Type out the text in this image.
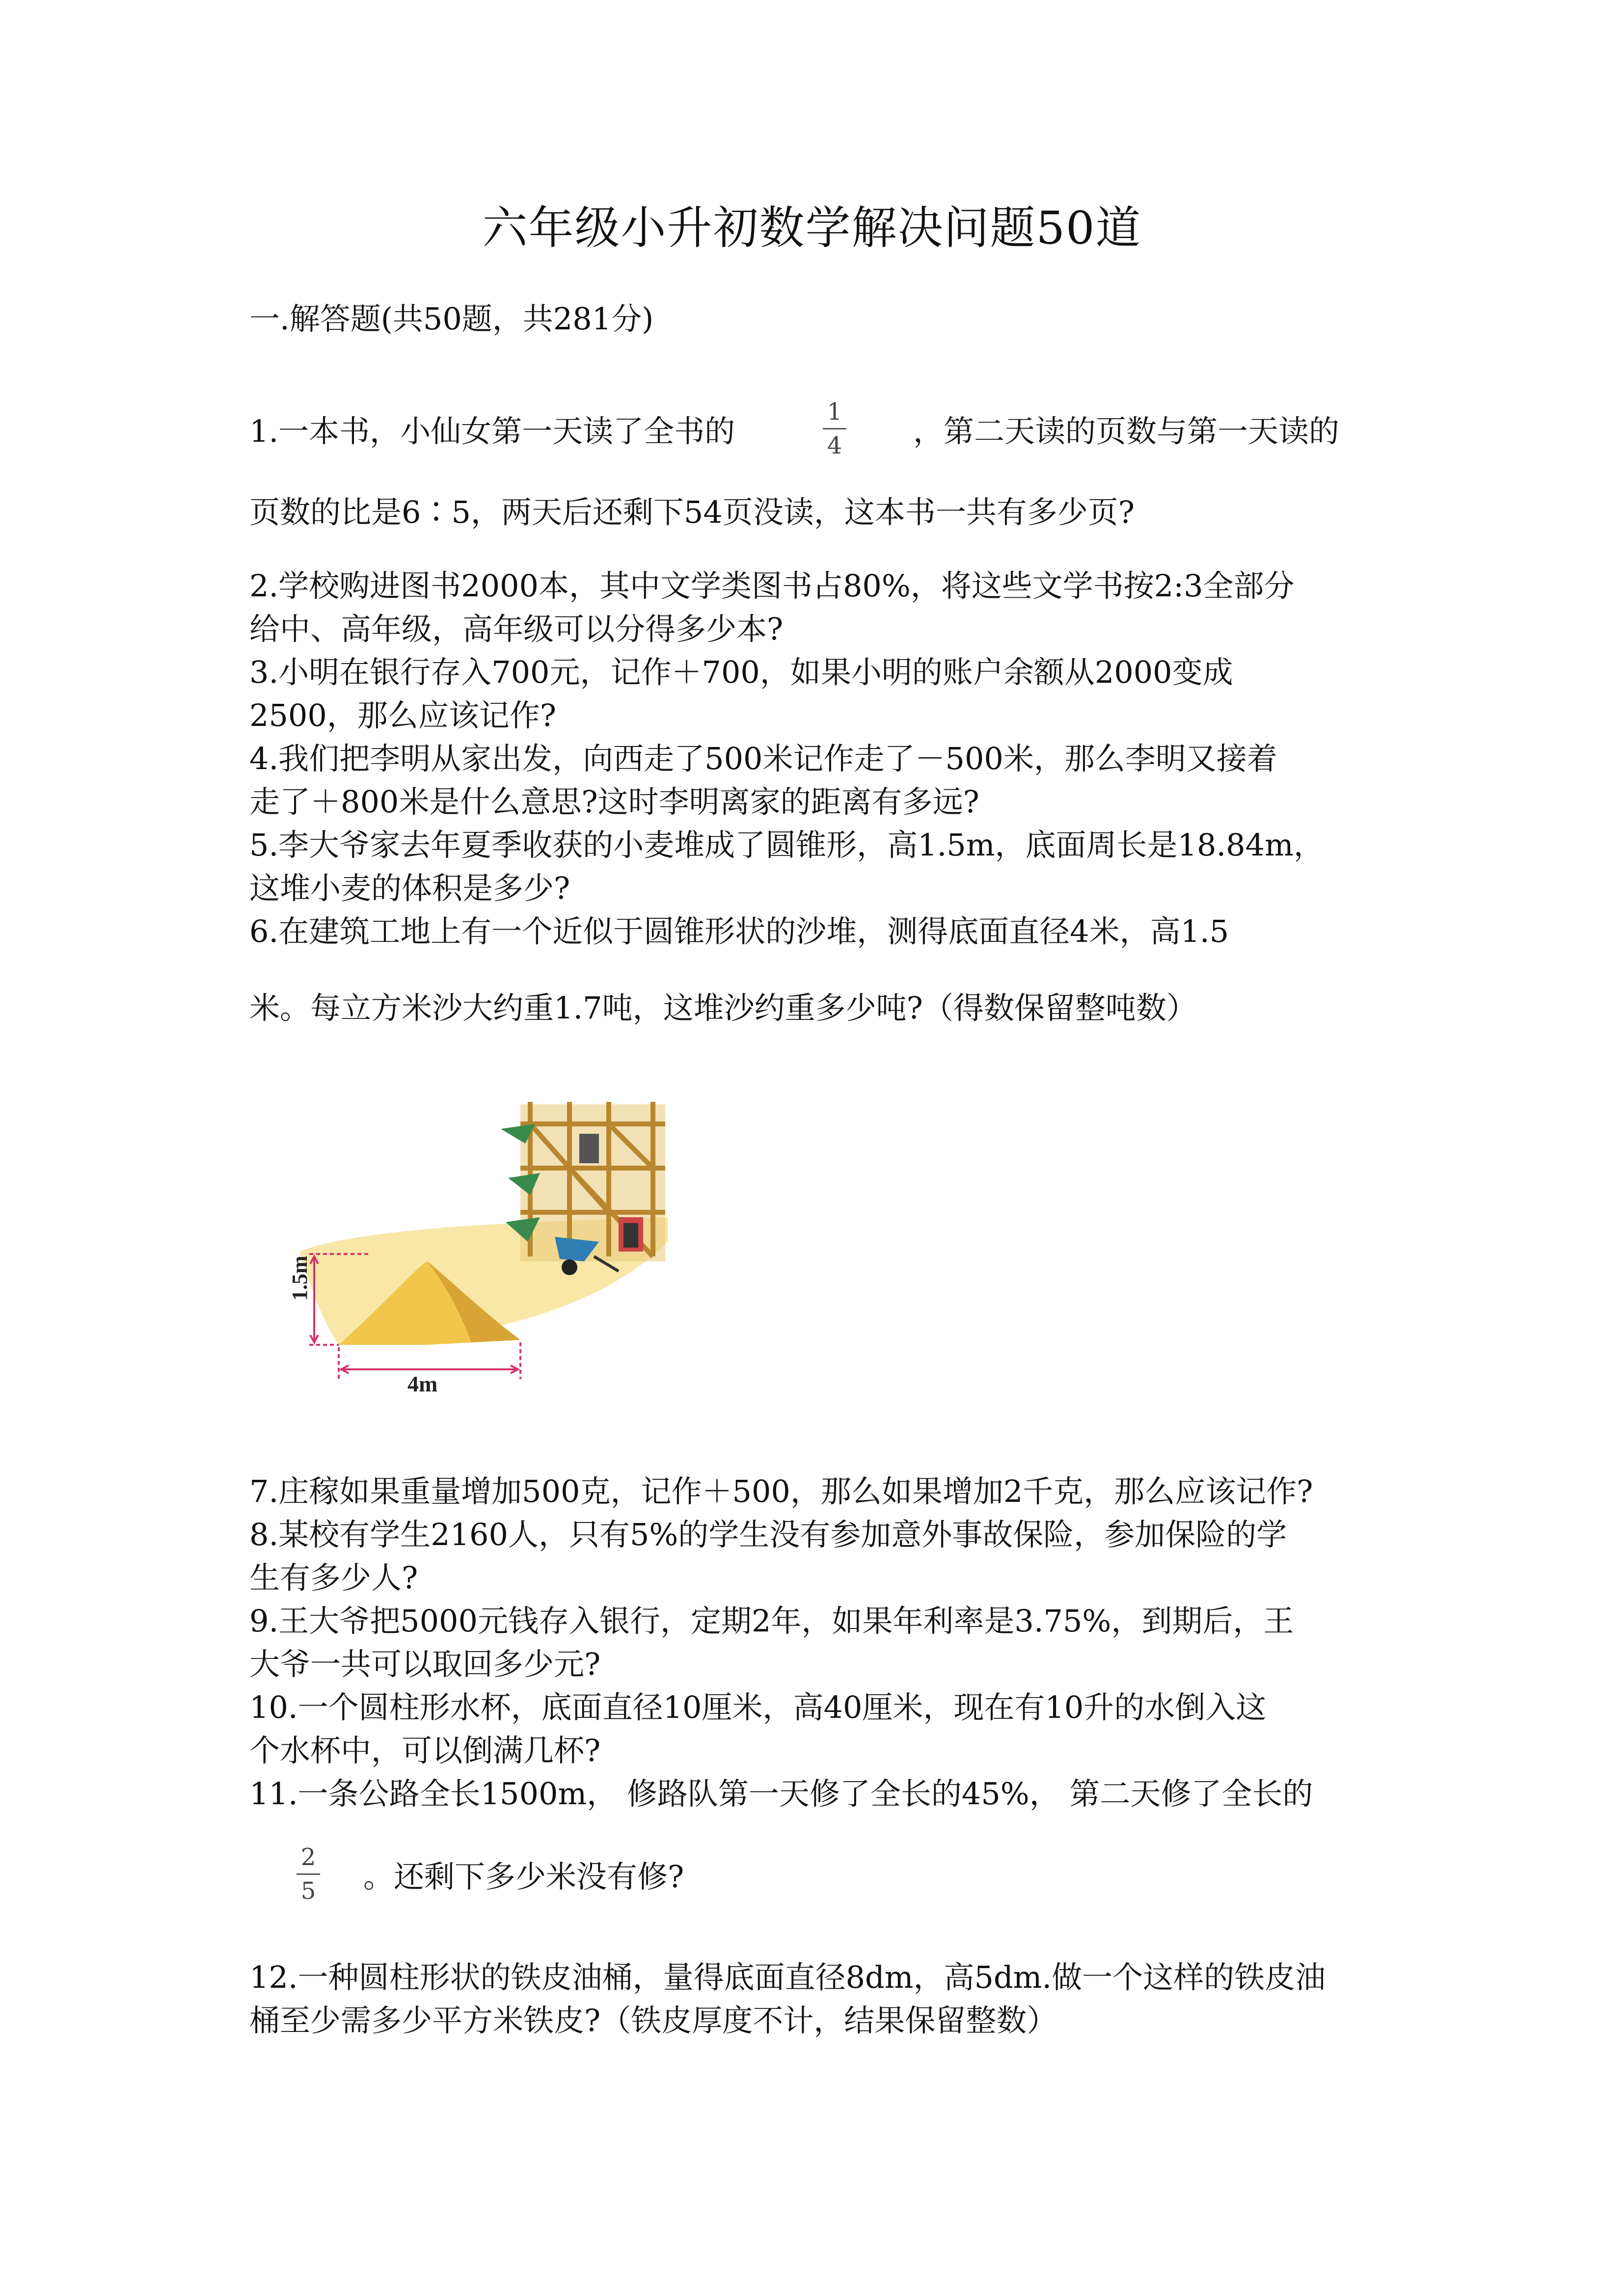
六年级小升初数学解决问题50道
一.解答题(共50题，共281分)
1.一本书，小仙女第一天读了全书的
1
4 ，第二天读的页数与第一天读的
页数的比是6∶5，两天后还剩下54页没读，这本书一共有多少页?
2.学校购进图书2000本，其中文学类图书占80%，将这些文学书按2:3全部分
给中、高年级，高年级可以分得多少本?
3.小明在银行存入700元，记作＋700，如果小明的账户余额从2000变成
2500，那么应该记作?
4.我们把李明从家出发，向西走了500米记作走了－500米，那么李明又接着
走了＋800米是什么意思?这时李明离家的距离有多远?
5.李大爷家去年夏季收获的小麦堆成了圆锥形，高1.5m，底面周长是18.84m，
这堆小麦的体积是多少?
6.在建筑工地上有一个近似于圆锥形状的沙堆，测得底面直径4米，高1.5
米。每立方米沙大约重1.7吨，这堆沙约重多少吨?（得数保留整吨数）
1.5m
4m
7.庄稼如果重量增加500克，记作＋500，那么如果增加2千克，那么应该记作?
8.某校有学生2160人，只有5%的学生没有参加意外事故保险，参加保险的学
生有多少人?
9.王大爷把5000元钱存入银行，定期2年，如果年利率是3.75%，到期后，王
大爷一共可以取回多少元?
10.一个圆柱形水杯，底面直径10厘米，高40厘米，现在有10升的水倒入这
个水杯中，可以倒满几杯?
11.一条公路全长1500m， 修路队第一天修了全长的45%， 第二天修了全长的
2
5 。还剩下多少米没有修?
12.一种圆柱形状的铁皮油桶，量得底面直径8dm，高5dm.做一个这样的铁皮油
桶至少需多少平方米铁皮?（铁皮厚度不计，结果保留整数）
